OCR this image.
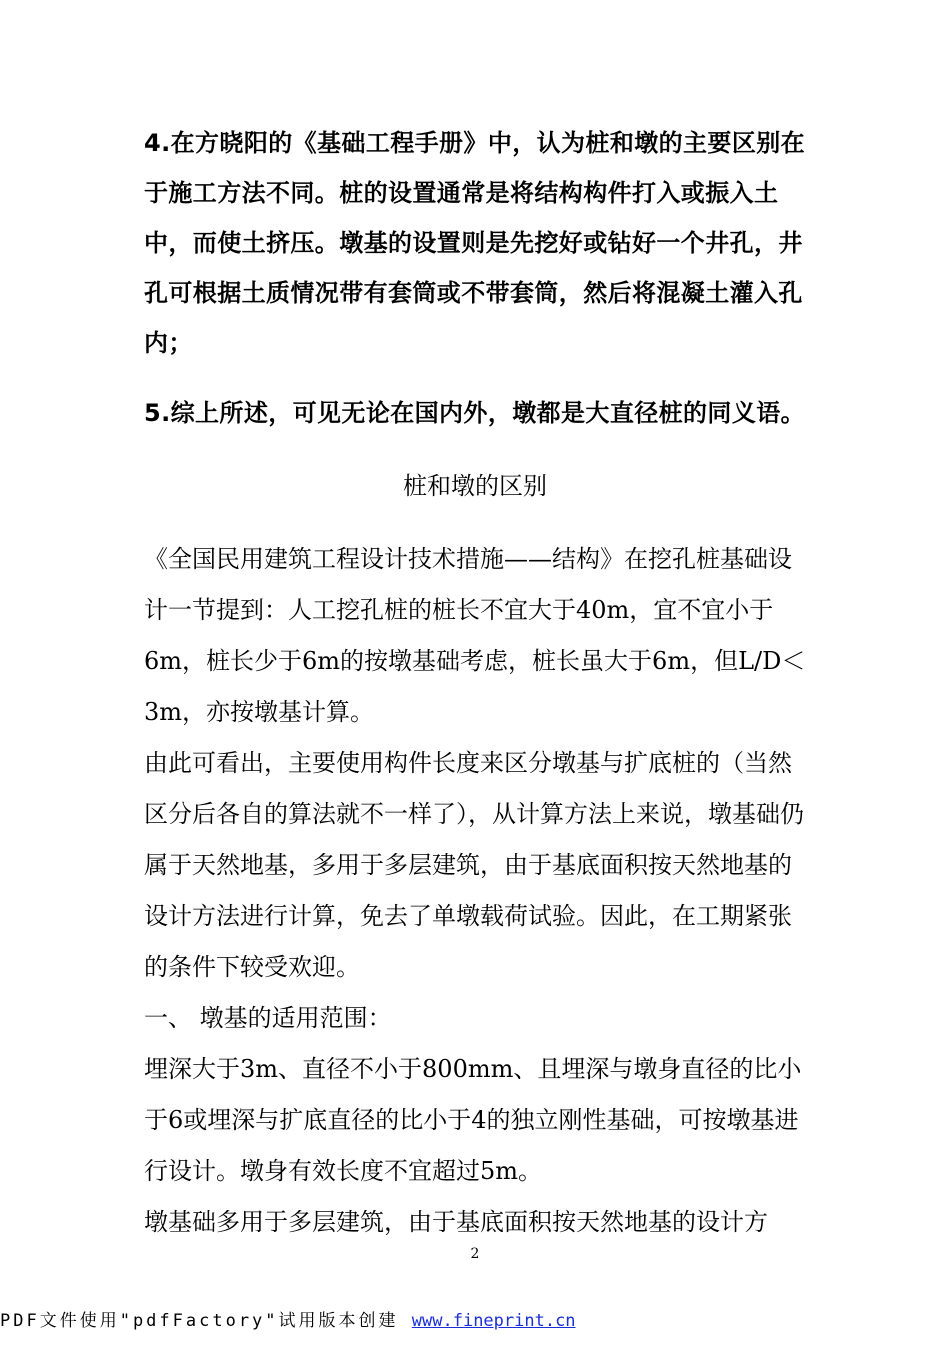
4.在方晓阳的《基础工程手册》中，认为桩和墩的主要区别在于施工方法不同。桩的设置通常是将结构构件打入或振入土中，而使土挤压。墩基的设置则是先挖好或钻好一个井孔，井孔可根据土质情况带有套筒或不带套筒，然后将混凝土灌入孔内；

5.综上所述，可见无论在国内外，墩都是大直径桩的同义语。

桩和墩的区别

《全国民用建筑工程设计技术措施——结构》在挖孔桩基础设计一节提到：人工挖孔桩的桩长不宜大于40m，宜不宜小于6m，桩长少于6m的按墩基础考虑，桩长虽大于6m，但L/D＜3m，亦按墩基计算。

由此可看出，主要使用构件长度来区分墩基与扩底桩的（当然区分后各自的算法就不一样了），从计算方法上来说，墩基础仍属于天然地基，多用于多层建筑，由于基底面积按天然地基的设计方法进行计算，免去了单墩载荷试验。因此，在工期紧张的条件下较受欢迎。

一、 墩基的适用范围：

埋深大于3m、直径不小于800mm、且埋深与墩身直径的比小于6或埋深与扩底直径的比小于4的独立刚性基础，可按墩基进行设计。墩身有效长度不宜超过5m。

墩基础多用于多层建筑，由于基底面积按天然地基的设计方

2
PDF文件使用"pdfFactory"试用版本创建 www.fineprint.cn
